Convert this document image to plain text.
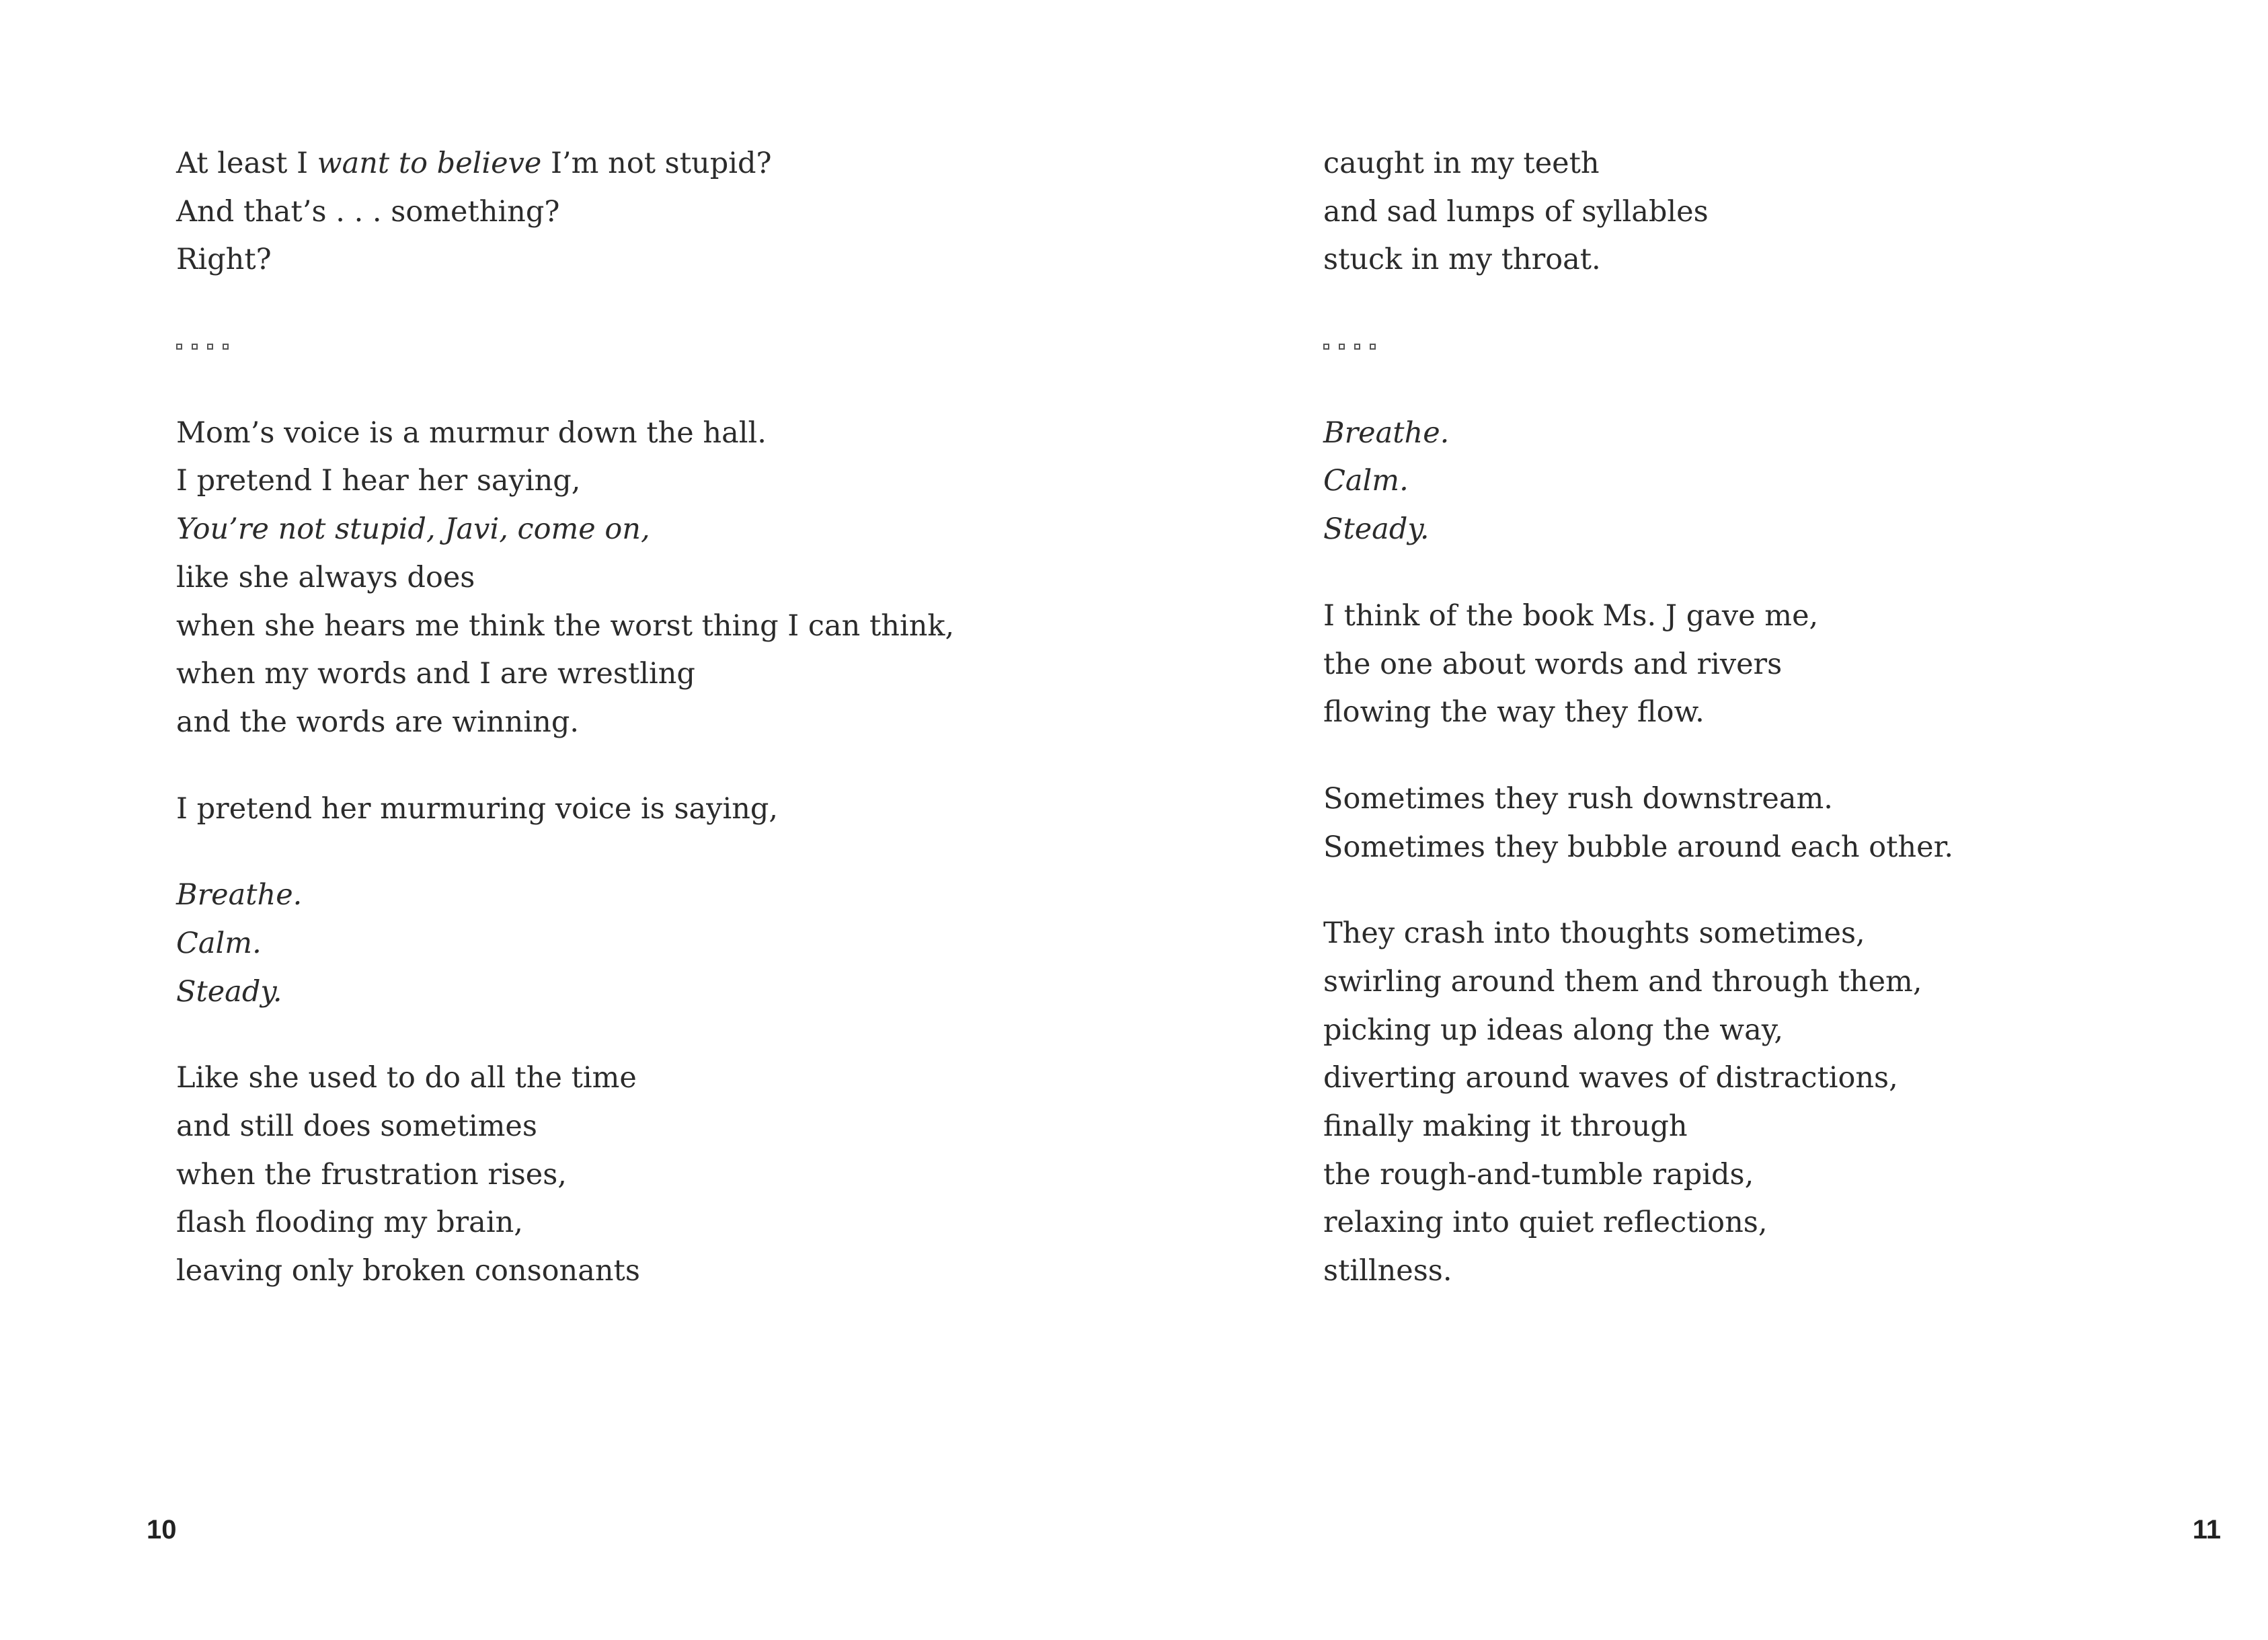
At least I want to believe I’m not stupid?
And that’s . . . something?
Right?
Mom’s voice is a murmur down the hall.
I pretend I hear her saying,
You’re not stupid, Javi, come on,
like she always does
when she hears me think the worst thing I can think,
when my words and I are wrestling
and the words are winning.
I pretend her murmuring voice is saying,
Breathe.
Calm.
Steady.
Like she used to do all the time
and still does sometimes
when the frustration rises,
flash flooding my brain,
leaving only broken consonants
10
caught in my teeth
and sad lumps of syllables
stuck in my throat.
Breathe.
Calm.
Steady.
I think of the book Ms. J gave me,
the one about words and rivers
flowing the way they flow.
Sometimes they rush downstream.
Sometimes they bubble around each other.
They crash into thoughts sometimes,
swirling around them and through them,
picking up ideas along the way,
diverting around waves of distractions,
finally making it through
the rough-and-tumble rapids,
relaxing into quiet reflections,
stillness.
11
